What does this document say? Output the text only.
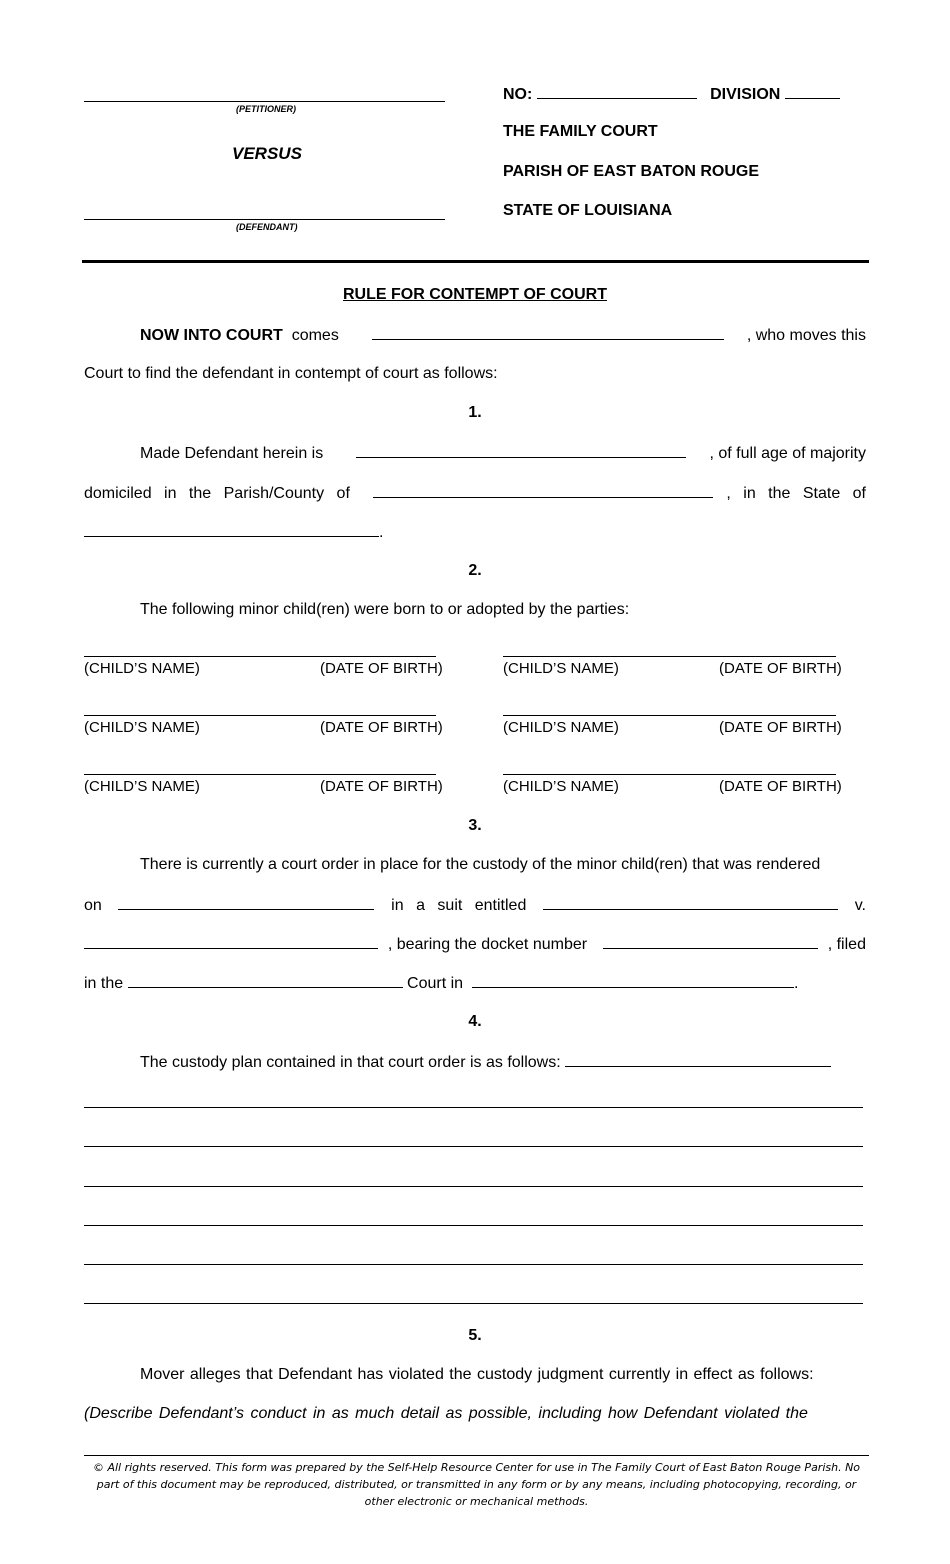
(PETITIONER)
VERSUS
(DEFENDANT)
NO:	DIVISION
THE FAMILY COURT
PARISH OF EAST BATON ROUGE
STATE OF LOUISIANA
RULE FOR CONTEMPT OF COURT
NOW INTO COURT comes	, who moves this
Court to find the defendant in contempt of court as follows:
1.
Made Defendant herein is	, of full age of majority
domiciled in the Parish/County of	, in the State of
.
2.
The following minor child(ren) were born to or adopted by the parties:
(CHILD’S NAME)	(DATE OF BIRTH)	(CHILD’S NAME)	(DATE OF BIRTH)
(CHILD’S NAME)	(DATE OF BIRTH)	(CHILD’S NAME)	(DATE OF BIRTH)
(CHILD’S NAME)	(DATE OF BIRTH)	(CHILD’S NAME)	(DATE OF BIRTH)
3.
There is currently a court order in place for the custody of the minor child(ren) that was rendered
on	in a suit entitled	v.
, bearing the docket number	, filed
in the	Court in	.
4.
The custody plan contained in that court order is as follows:
5.
Mover alleges that Defendant has violated the custody judgment currently in effect as follows:
(Describe Defendant’s conduct in as much detail as possible, including how Defendant violated the
© All rights reserved. This form was prepared by the Self-Help Resource Center for use in The Family Court of East Baton Rouge Parish. No part of this document may be reproduced, distributed, or transmitted in any form or by any means, including photocopying, recording, or other electronic or mechanical methods.
